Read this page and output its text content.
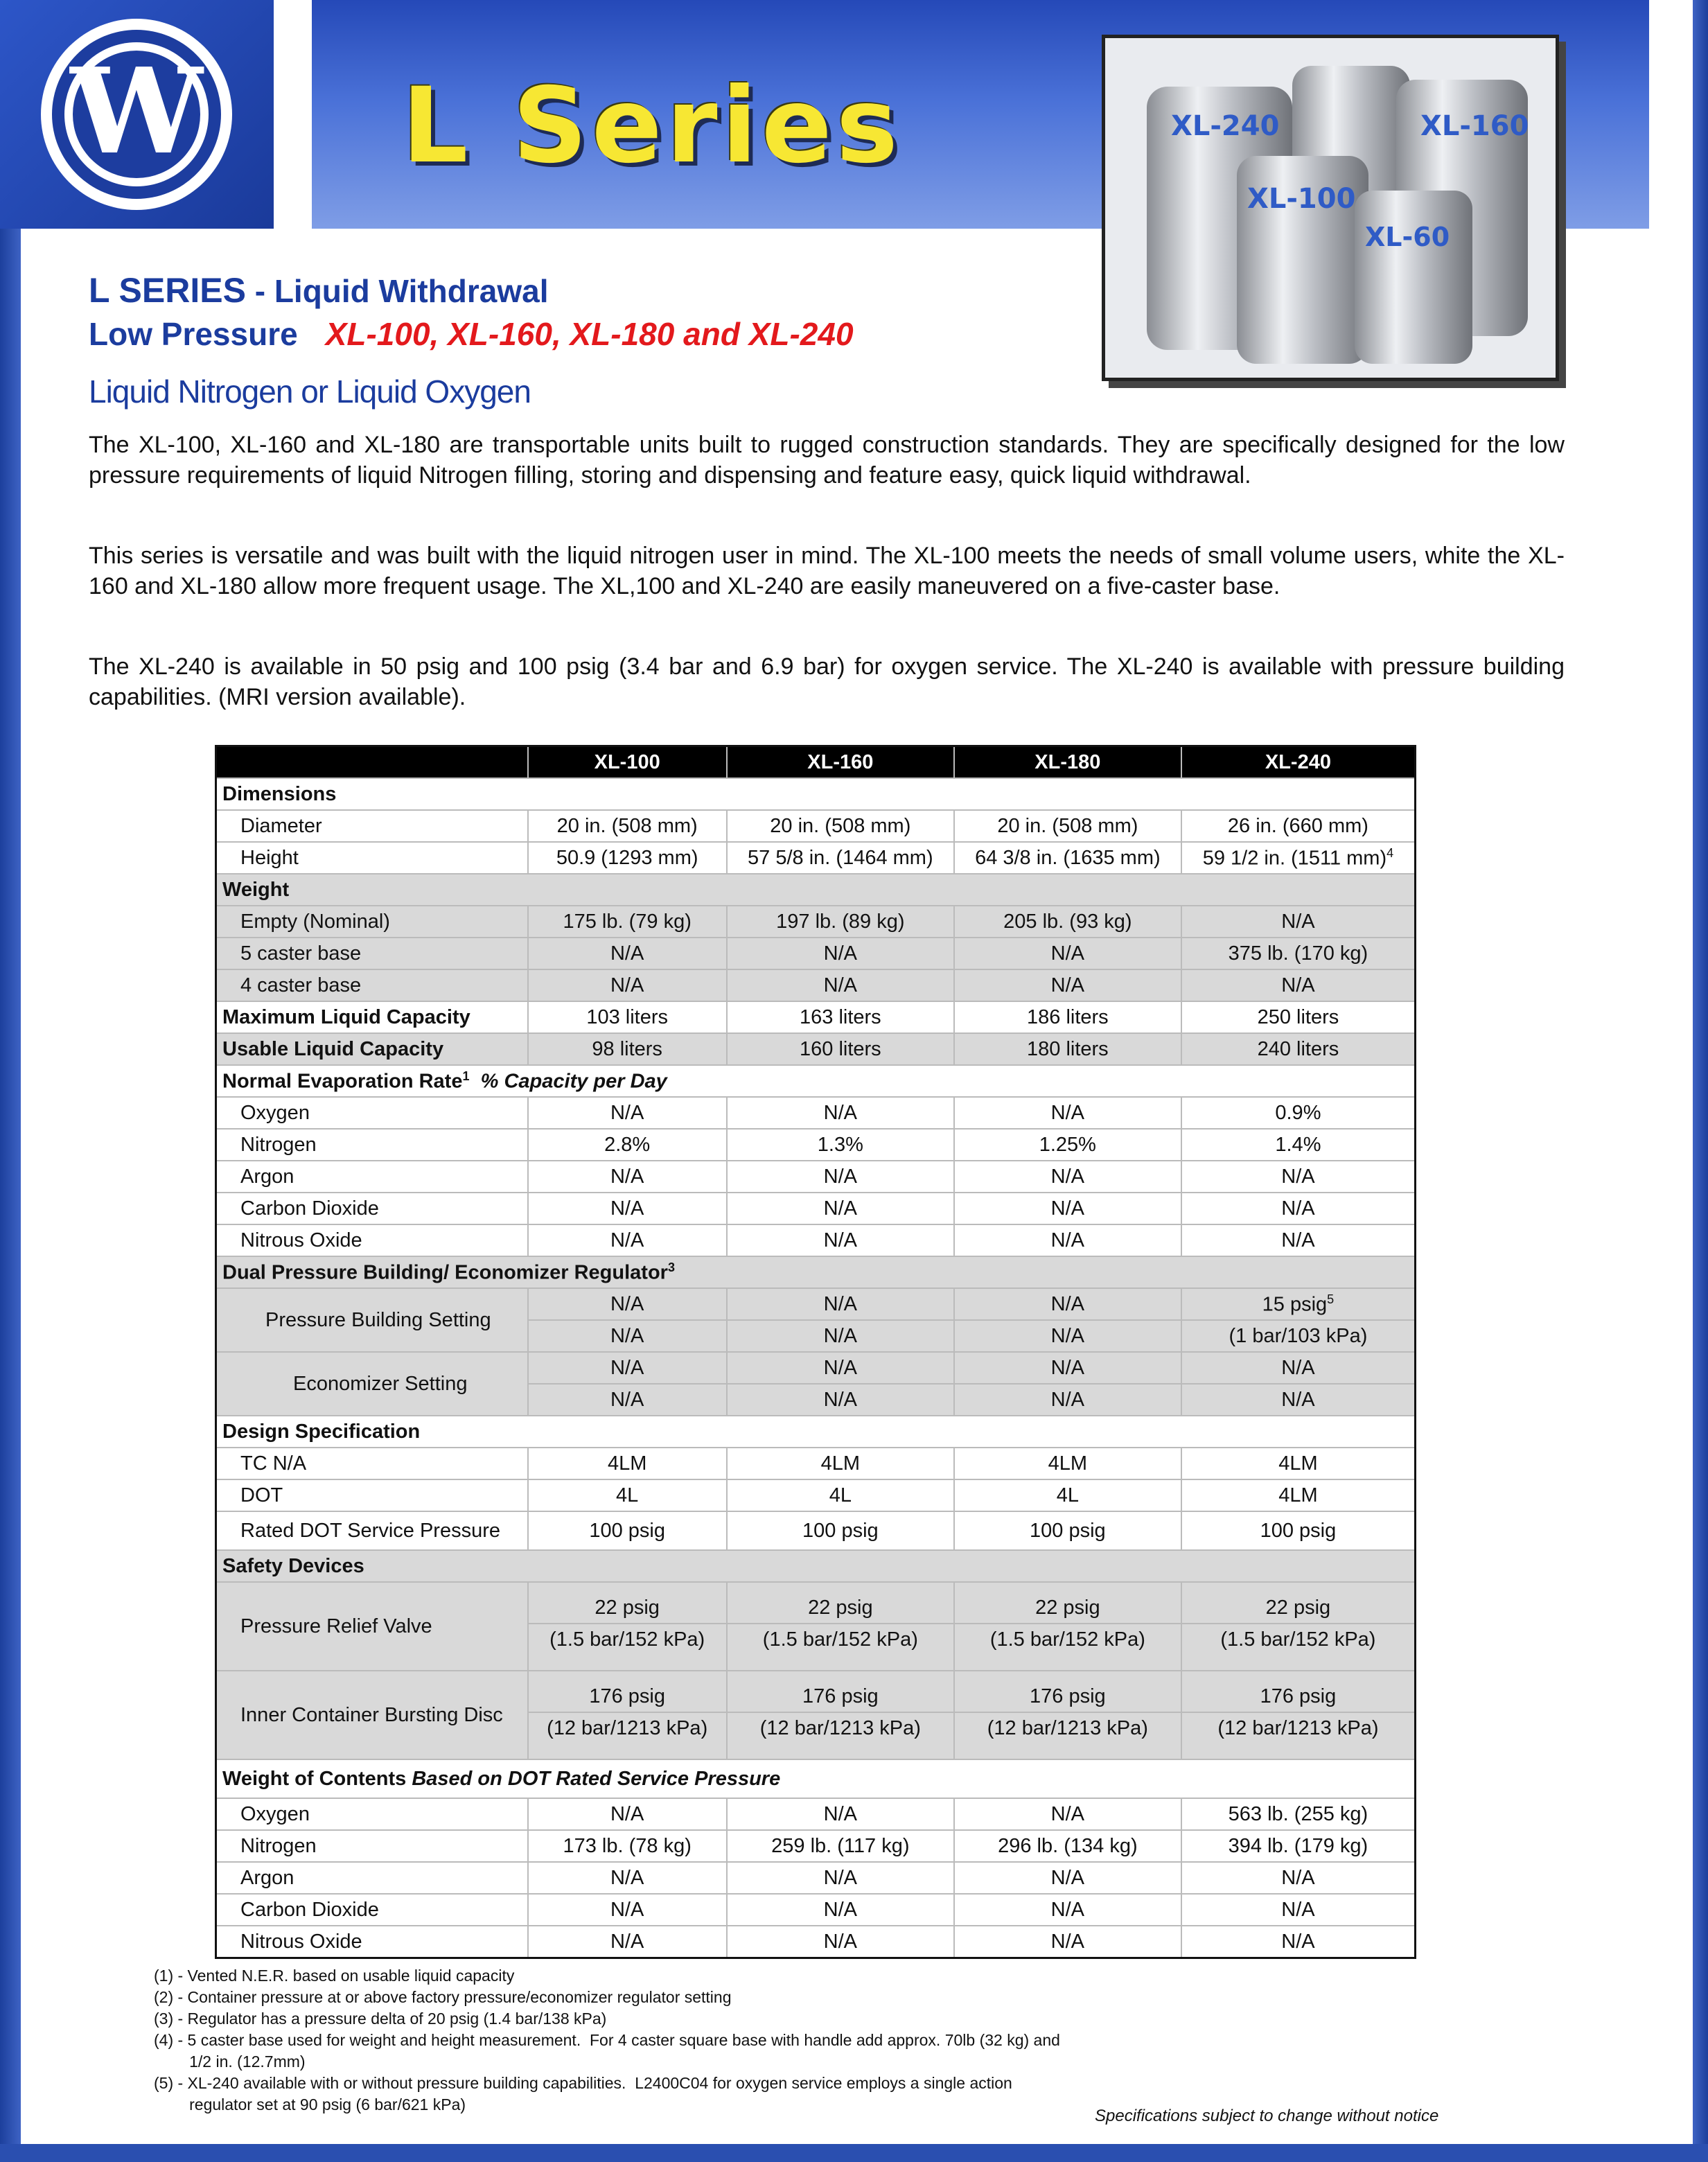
W L Series	XL-240	XL-160
XL-100
XL-60
L SERIES - Liquid Withdrawal
Low Pressure XL-100, XL-160, XL-180 and XL-240
Liquid Nitrogen or Liquid Oxygen
The XL-100, XL-160 and XL-180 are transportable units built to rugged construction standards. They are specifically designed for the low pressure requirements of liquid Nitrogen filling, storing and dispensing and feature easy, quick liquid withdrawal.
This series is versatile and was built with the liquid nitrogen user in mind. The XL-100 meets the needs of small volume users, white the XL-160 and XL-180 allow more frequent usage. The XL,100 and XL-240 are easily maneuvered on a five-caster base.
The XL-240 is available in 50 psig and 100 psig (3.4 bar and 6.9 bar) for oxygen service. The XL-240 is available with pressure building capabilities. (MRI version available).
	XL-100	XL-160	XL-180	XL-240
Dimensions				
Diameter	20 in. (508 mm)	20 in. (508 mm)	20 in. (508 mm)	26 in. (660 mm)
Height	50.9 (1293 mm)	57 5/8 in. (1464 mm)	64 3/8 in. (1635 mm)	59 1/2 in. (1511 mm)$^4$
Weight				
Empty (Nominal)	175 lb. (79 kg)	197 lb. (89 kg)	205 lb. (93 kg)	N/A
5 caster base	N/A	N/A	N/A	375 lb. (170 kg)
4 caster base	N/A	N/A	N/A	N/A
Maximum Liquid Capacity	103 liters	163 liters	186 liters	250 liters
Usable Liquid Capacity	98 liters	160 liters	180 liters	240 liters
Normal Evaporation Rate$^1$ % Capacity per Day				
Oxygen	N/A	N/A	N/A	0.9%
Nitrogen	2.8%	1.3%	1.25%	1.4%
Argon	N/A	N/A	N/A	N/A
Carbon Dioxide	N/A	N/A	N/A	N/A
Nitrous Oxide	N/A	N/A	N/A	N/A
Dual Pressure Building/ Economizer Regulator$^3$
Pressure Building Setting	N/A	N/A	N/A	15 psig$^5$
	N/A	N/A	N/A	(1 bar/103 kPa)
Economizer Setting	N/A	N/A	N/A	N/A
	N/A	N/A	N/A	N/A
Design Specification				
TC N/A	4LM	4LM	4LM	4LM
DOT	4L	4L	4L	4LM
Rated DOT Service Pressure	100 psig	100 psig	100 psig	100 psig
Safety Devices				
Pressure Relief Valve	22 psig	22 psig	22 psig	22 psig
	(1.5 bar/152 kPa)	(1.5 bar/152 kPa)	(1.5 bar/152 kPa)	(1.5 bar/152 kPa)
Inner Container Bursting Disc	176 psig	176 psig	176 psig	176 psig
	(12 bar/1213 kPa)	(12 bar/1213 kPa)	(12 bar/1213 kPa)	(12 bar/1213 kPa)
Weight of Contents Based on DOT Rated Service Pressure				
Oxygen	N/A	N/A	N/A	563 lb. (255 kg)
Nitrogen	173 lb. (78 kg)	259 lb. (117 kg)	296 lb. (134 kg)	394 lb. (179 kg)
Argon	N/A	N/A	N/A	N/A
Carbon Dioxide	N/A	N/A	N/A	N/A
Nitrous Oxide	N/A	N/A	N/A	N/A
(1) - Vented N.E.R. based on usable liquid capacity
(2) - Container pressure at or above factory pressure/economizer regulator setting
(3) - Regulator has a pressure delta of 20 psig (1.4 bar/138 kPa)
(4) - 5 caster base used for weight and height measurement.  For 4 caster square base with handle add approx. 70lb (32 kg) and
1/2 in. (12.7mm)
(5) - XL-240 available with or without pressure building capabilities.  L2400C04 for oxygen service employs a single action
regulator set at 90 psig (6 bar/621 kPa)
Specifications subject to change without notice
